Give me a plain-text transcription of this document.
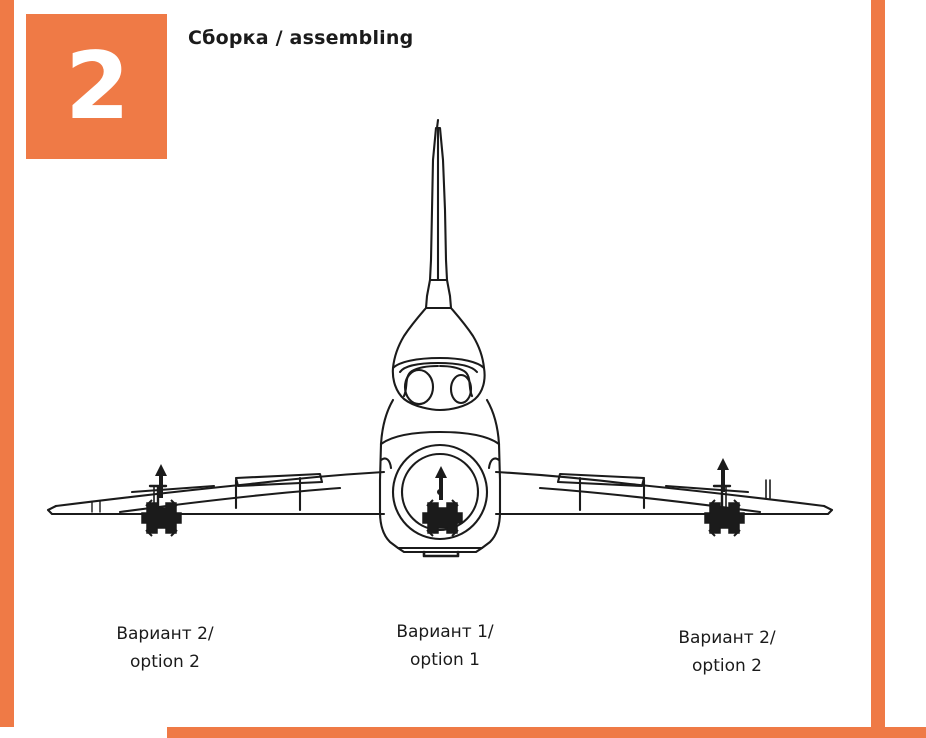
2	Сборка / assembling
Вариант 2/
option 2
Вариант 1/
option 1
Вариант 2/
option 2
